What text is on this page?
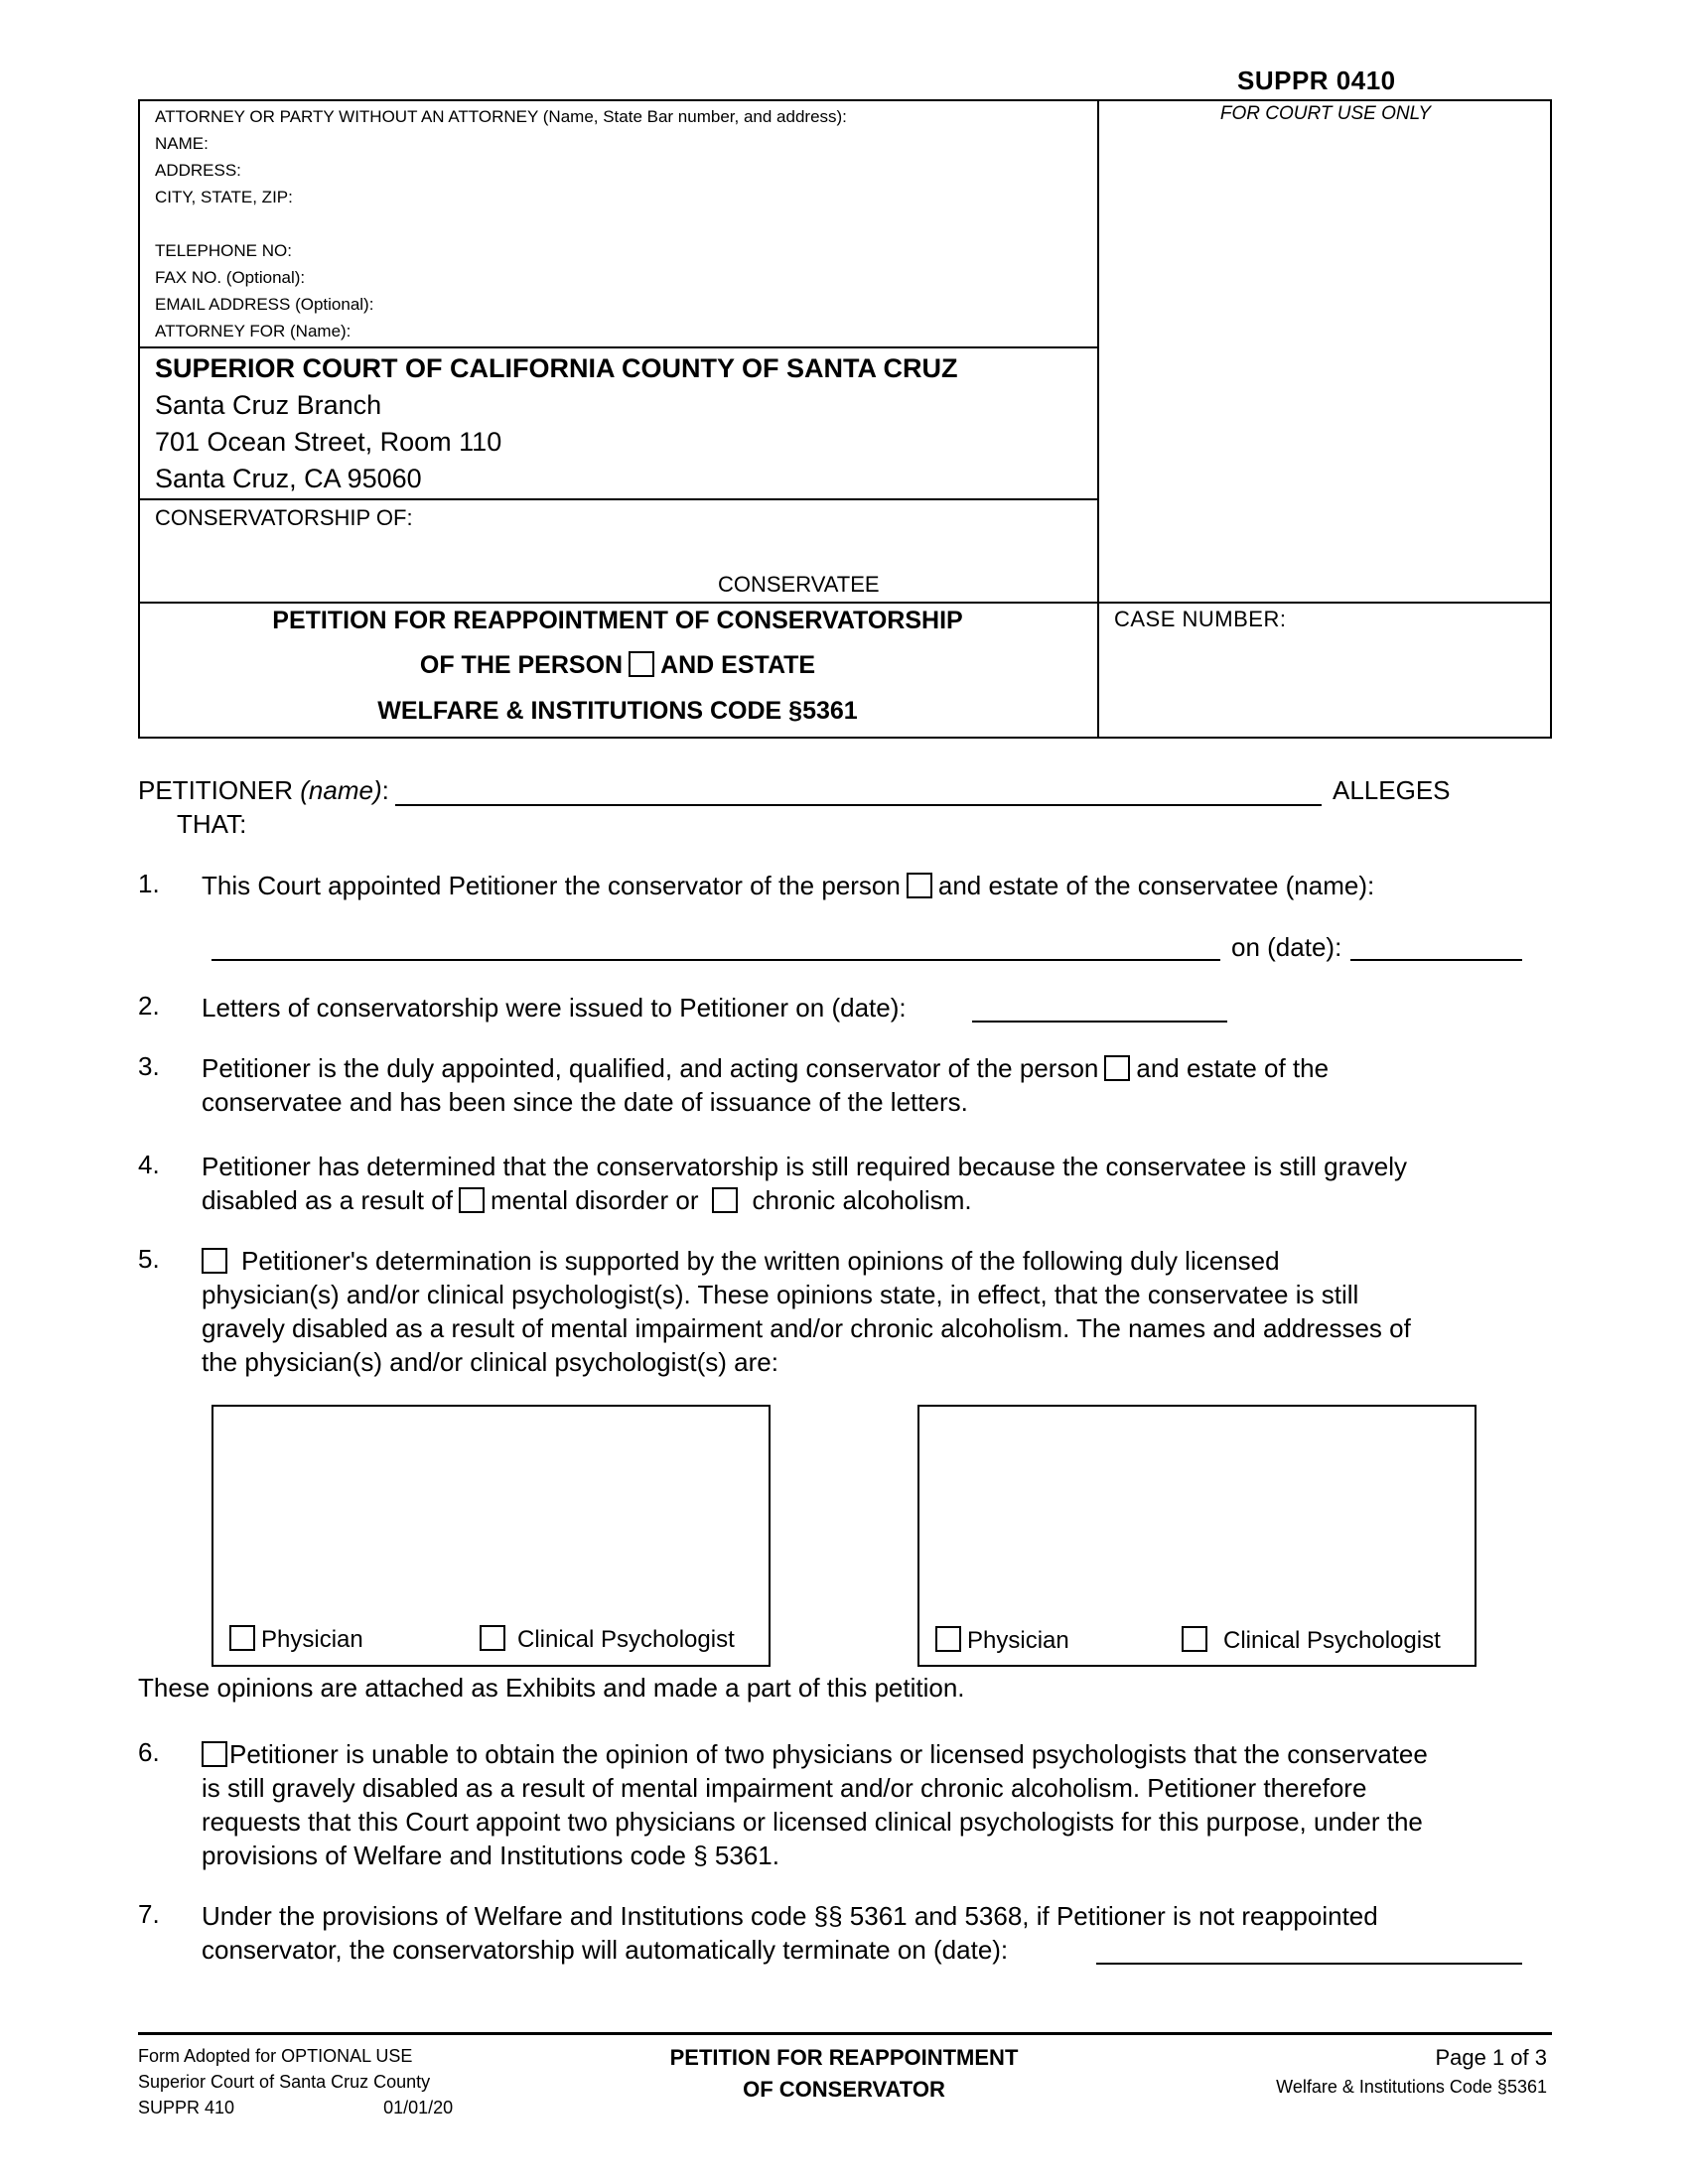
SUPPR 0410
ATTORNEY OR PARTY WITHOUT AN ATTORNEY (Name, State Bar number, and address):
NAME:
ADDRESS:
CITY, STATE, ZIP:
TELEPHONE NO:
FAX NO. (Optional):
EMAIL ADDRESS (Optional):
ATTORNEY FOR (Name):
FOR COURT USE ONLY
SUPERIOR COURT OF CALIFORNIA COUNTY OF SANTA CRUZ
Santa Cruz Branch
701 Ocean Street, Room 110
Santa Cruz, CA 95060
CONSERVATORSHIP OF:
CONSERVATEE
PETITION FOR REAPPOINTMENT OF CONSERVATORSHIP
OF THE PERSON AND ESTATE
WELFARE & INSTITUTIONS CODE §5361
CASE NUMBER:
PETITIONER (name):	ALLEGES
THAT:
1. This Court appointed Petitioner the conservator of the person and estate of the conservatee (name):
on (date):
2. Letters of conservatorship were issued to Petitioner on (date):
3. Petitioner is the duly appointed, qualified, and acting conservator of the person and estate of the
conservatee and has been since the date of issuance of the letters.
4. Petitioner has determined that the conservatorship is still required because the conservatee is still gravely
disabled as a result of mental disorder or chronic alcoholism.
5.	Petitioner's determination is supported by the written opinions of the following duly licensed
physician(s) and/or clinical psychologist(s). These opinions state, in effect, that the conservatee is still
gravely disabled as a result of mental impairment and/or chronic alcoholism. The names and addresses of
the physician(s) and/or clinical psychologist(s) are:
Physician	Clinical Psychologist	Physician	Clinical Psychologist
These opinions are attached as Exhibits and made a part of this petition.
6.	Petitioner is unable to obtain the opinion of two physicians or licensed psychologists that the conservatee
is still gravely disabled as a result of mental impairment and/or chronic alcoholism. Petitioner therefore
requests that this Court appoint two physicians or licensed clinical psychologists for this purpose, under the
provisions of Welfare and Institutions code § 5361.
7. Under the provisions of Welfare and Institutions code §§ 5361 and 5368, if Petitioner is not reappointed
conservator, the conservatorship will automatically terminate on (date):
Form Adopted for OPTIONAL USE
Superior Court of Santa Cruz County
SUPPR 410	01/01/20
PETITION FOR REAPPOINTMENT
OF CONSERVATOR
Page 1 of 3
Welfare & Institutions Code §5361
